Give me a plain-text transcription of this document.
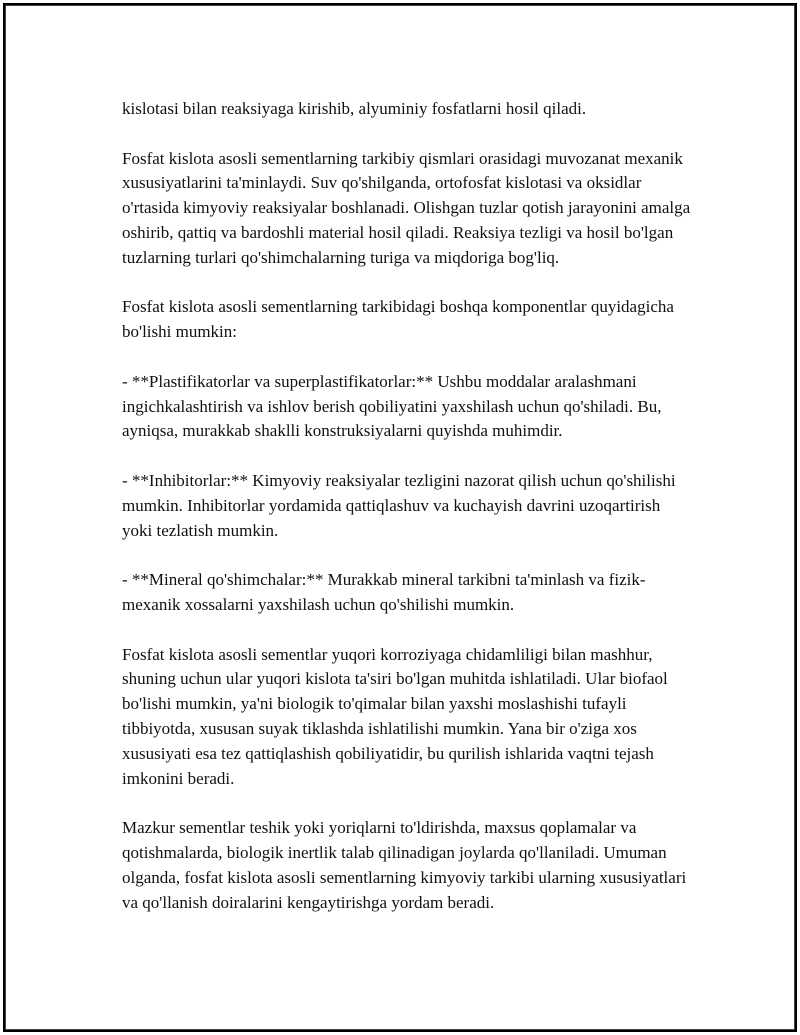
kislotasi bilan reaksiyaga kirishib, alyuminiy fosfatlarni hosil qiladi.

Fosfat kislota asosli sementlarning tarkibiy qismlari orasidagi muvozanat mexanik xususiyatlarini ta'minlaydi. Suv qo'shilganda, ortofosfat kislotasi va oksidlar o'rtasida kimyoviy reaksiyalar boshlanadi. Olishgan tuzlar qotish jarayonini amalga oshirib, qattiq va bardoshli material hosil qiladi. Reaksiya tezligi va hosil bo'lgan tuzlarning turlari qo'shimchalarning turiga va miqdoriga bog'liq.

Fosfat kislota asosli sementlarning tarkibidagi boshqa komponentlar quyidagicha bo'lishi mumkin:

- **Plastifikatorlar va superplastifikatorlar:** Ushbu moddalar aralashmani ingichkalashtirish va ishlov berish qobiliyatini yaxshilash uchun qo'shiladi. Bu, ayniqsa, murakkab shaklli konstruksiyalarni quyishda muhimdir.

- **Inhibitorlar:** Kimyoviy reaksiyalar tezligini nazorat qilish uchun qo'shilishi mumkin. Inhibitorlar yordamida qattiqlashuv va kuchayish davrini uzoqartirish yoki tezlatish mumkin.

- **Mineral qo'shimchalar:** Murakkab mineral tarkibni ta'minlash va fizik-mexanik xossalarni yaxshilash uchun qo'shilishi mumkin.

Fosfat kislota asosli sementlar yuqori korroziyaga chidamliligi bilan mashhur, shuning uchun ular yuqori kislota ta'siri bo'lgan muhitda ishlatiladi. Ular biofaol bo'lishi mumkin, ya'ni biologik to'qimalar bilan yaxshi moslashishi tufayli tibbiyotda, xususan suyak tiklashda ishlatilishi mumkin. Yana bir o'ziga xos xususiyati esa tez qattiqlashish qobiliyatidir, bu qurilish ishlarida vaqtni tejash imkonini beradi.

Mazkur sementlar teshik yoki yoriqlarni to'ldirishda, maxsus qoplamalar va qotishmalarda, biologik inertlik talab qilinadigan joylarda qo'llaniladi. Umuman olganda, fosfat kislota asosli sementlarning kimyoviy tarkibi ularning xususiyatlari va qo'llanish doiralarini kengaytirishga yordam beradi.
